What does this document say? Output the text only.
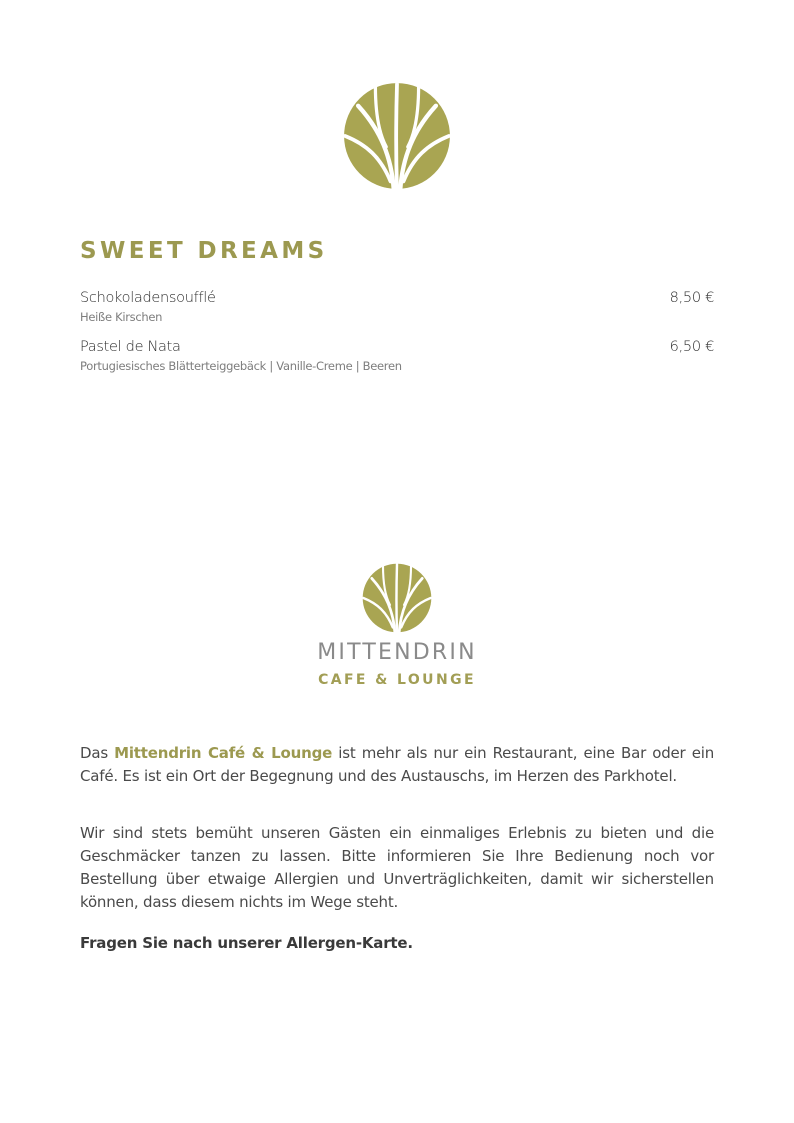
SWEET DREAMS
Schokoladensoufflé	8,50 €
Heiße Kirschen
Pastel de Nata	6,50 €
Portugiesisches Blätterteiggebäck | Vanille-Creme | Beeren
MITTENDRIN
CAFE & LOUNGE

Das Mittendrin Café & Lounge ist mehr als nur ein Restaurant, eine Bar oder ein Café. Es ist ein Ort der Begegnung und des Austauschs, im Herzen des Parkhotel.

Wir sind stets bemüht unseren Gästen ein einmaliges Erlebnis zu bieten und die Geschmäcker tanzen zu lassen. Bitte informieren Sie Ihre Bedienung noch vor Bestellung über etwaige Allergien und Unverträglichkeiten, damit wir sicherstellen können, dass diesem nichts im Wege steht.

Fragen Sie nach unserer Allergen-Karte.
